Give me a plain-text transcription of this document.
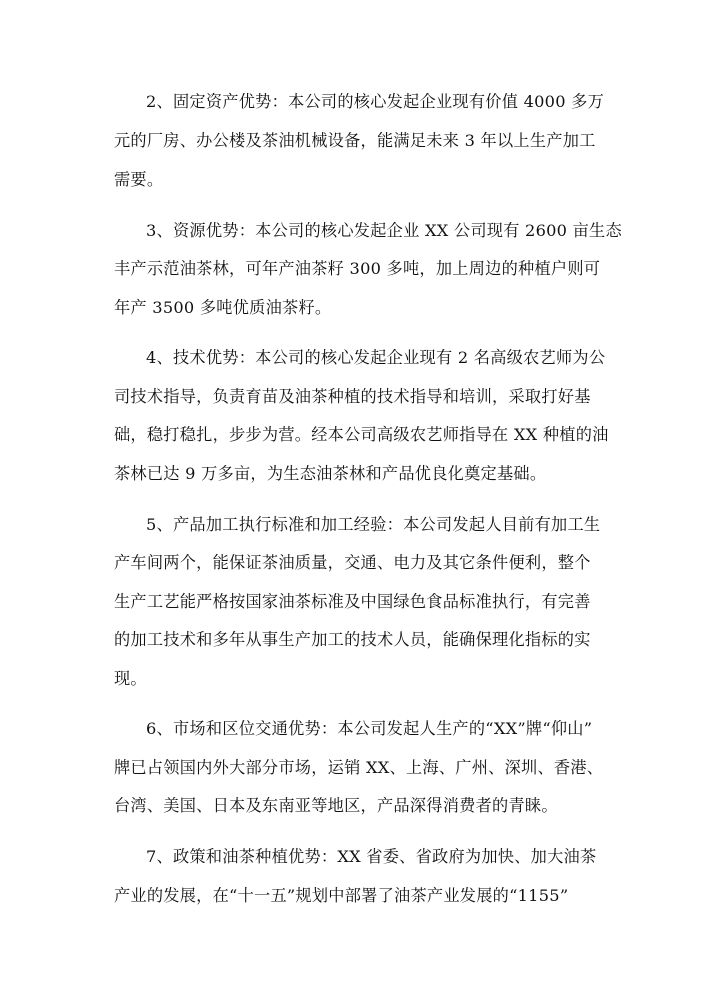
2、固定资产优势：本公司的核心发起企业现有价值 4000 多万
元的厂房、办公楼及茶油机械设备，能满足未来 3 年以上生产加工
需要。
3、资源优势：本公司的核心发起企业 XX 公司现有 2600 亩生态
丰产示范油茶林，可年产油茶籽 300 多吨，加上周边的种植户则可
年产 3500 多吨优质油茶籽。
4、技术优势：本公司的核心发起企业现有 2 名高级农艺师为公
司技术指导，负责育苗及油茶种植的技术指导和培训，采取打好基
础，稳打稳扎，步步为营。经本公司高级农艺师指导在 XX 种植的油
茶林已达 9 万多亩，为生态油茶林和产品优良化奠定基础。
5、产品加工执行标准和加工经验：本公司发起人目前有加工生
产车间两个，能保证茶油质量，交通、电力及其它条件便利，整个
生产工艺能严格按国家油茶标准及中国绿色食品标准执行，有完善
的加工技术和多年从事生产加工的技术人员，能确保理化指标的实
现。
6、市场和区位交通优势：本公司发起人生产的“XX”牌“仰山”
牌已占领国内外大部分市场，运销 XX、上海、广州、深圳、香港、
台湾、美国、日本及东南亚等地区，产品深得消费者的青睐。
7、政策和油茶种植优势：XX 省委、省政府为加快、加大油茶
产业的发展，在“十一五”规划中部署了油茶产业发展的“1155”
